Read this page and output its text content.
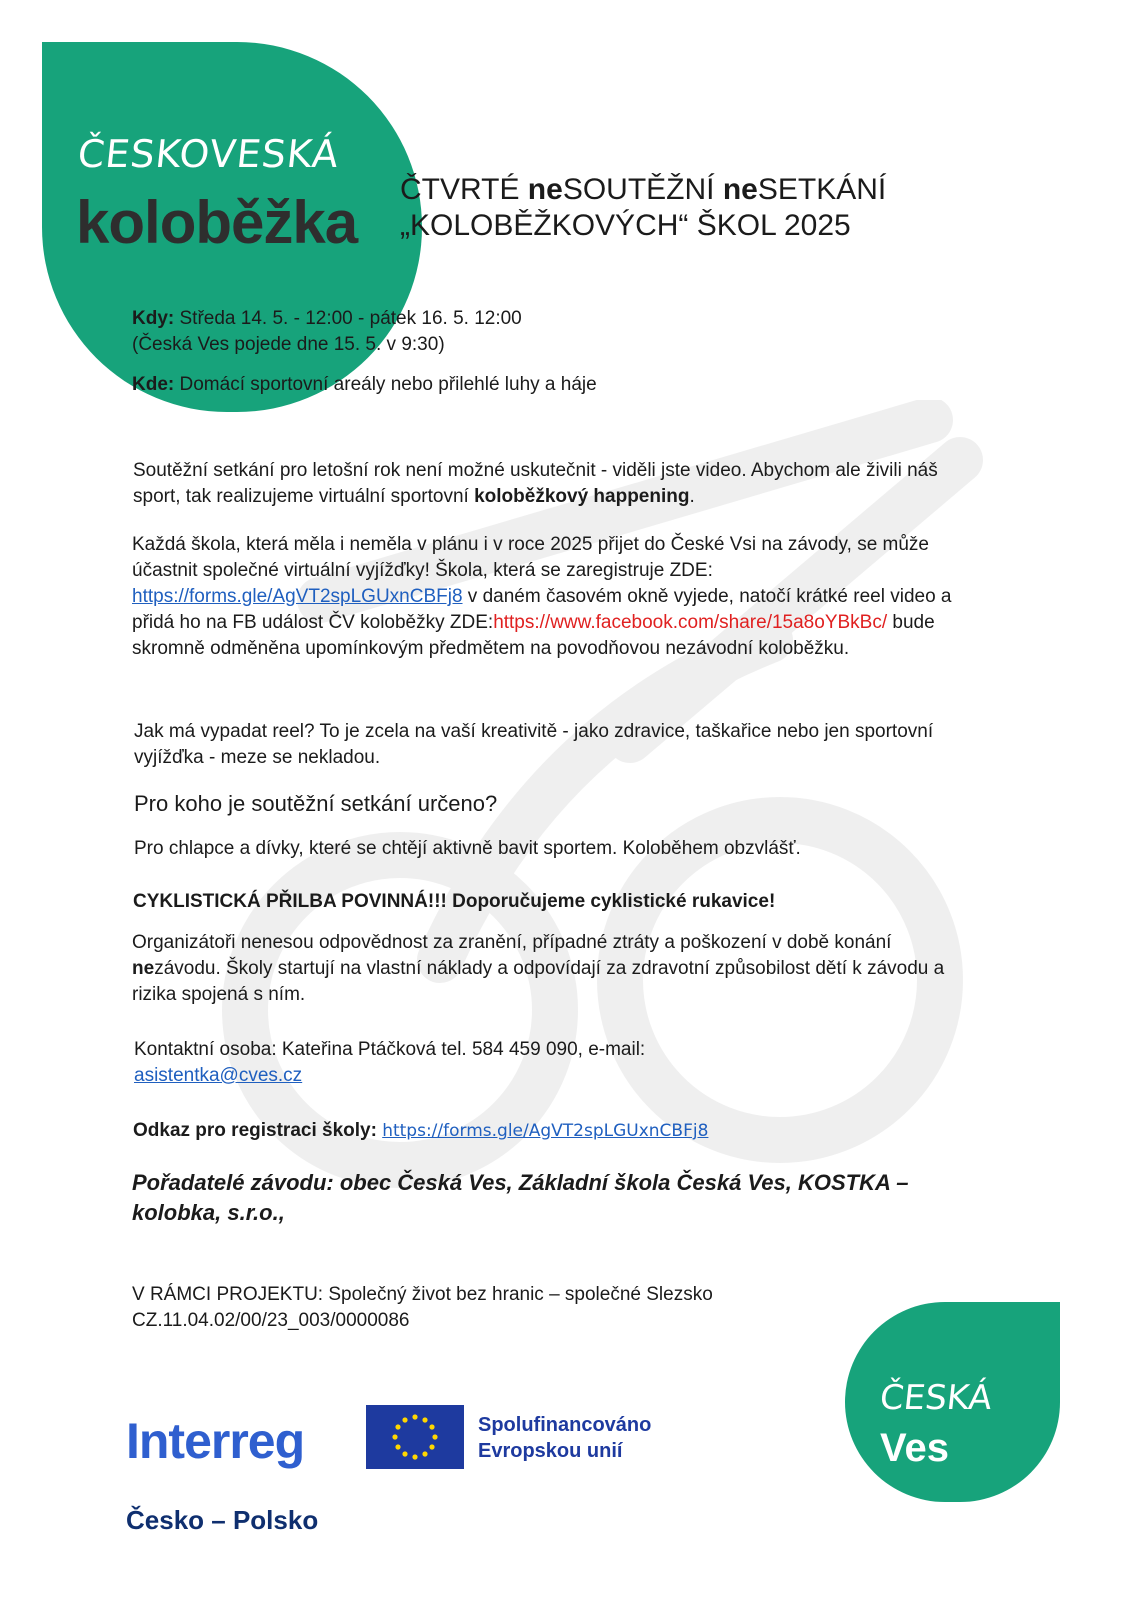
ČESKOVESKÁ
koloběžka ČTVRTÉ neSOUTĚŽNÍ neSETKÁNÍ
„KOLOBĚŽKOVÝCH“ ŠKOL 2025
Kdy: Středa 14. 5. - 12:00 - pátek 16. 5. 12:00
(Česká Ves pojede dne 15. 5. v 9:30)
Kde: Domácí sportovní areály nebo přilehlé luhy a háje
Soutěžní setkání pro letošní rok není možné uskutečnit - viděli jste video. Abychom ale živili náš sport, tak realizujeme virtuální sportovní koloběžkový happening.
Každá škola, která měla i neměla v plánu i v roce 2025 přijet do České Vsi na závody, se může účastnit společné virtuální vyjížďky! Škola, která se zaregistruje ZDE: https://forms.gle/AgVT2spLGUxnCBFj8 v daném časovém okně vyjede, natočí krátké reel video a přidá ho na FB událost ČV koloběžky ZDE:https://www.facebook.com/share/15a8oYBkBc/ bude skromně odměněna upomínkovým předmětem na povodňovou nezávodní koloběžku.
Jak má vypadat reel? To je zcela na vaší kreativitě - jako zdravice, taškařice nebo jen sportovní vyjížďka - meze se nekladou.
Pro koho je soutěžní setkání určeno?
Pro chlapce a dívky, které se chtějí aktivně bavit sportem. Koloběhem obzvlášť.
CYKLISTICKÁ PŘILBA POVINNÁ!!! Doporučujeme cyklistické rukavice!
Organizátoři nenesou odpovědnost za zranění, případné ztráty a poškození v době konání nezávodu. Školy startují na vlastní náklady a odpovídají za zdravotní způsobilost dětí k závodu a rizika spojená s ním.
Kontaktní osoba: Kateřina Ptáčková tel. 584 459 090, e-mail:
asistentka@cves.cz
Odkaz pro registraci školy: https://forms.gle/AgVT2spLGUxnCBFj8
Pořadatelé závodu: obec Česká Ves, Základní škola Česká Ves, KOSTKA – kolobka, s.r.o.,
V RÁMCI PROJEKTU: Společný život bez hranic – společné Slezsko
CZ.11.04.02/00/23_003/0000086
Interreg
Česko – Polsko
Spolufinancováno
Evropskou unií
ČESKÁ
Ves
